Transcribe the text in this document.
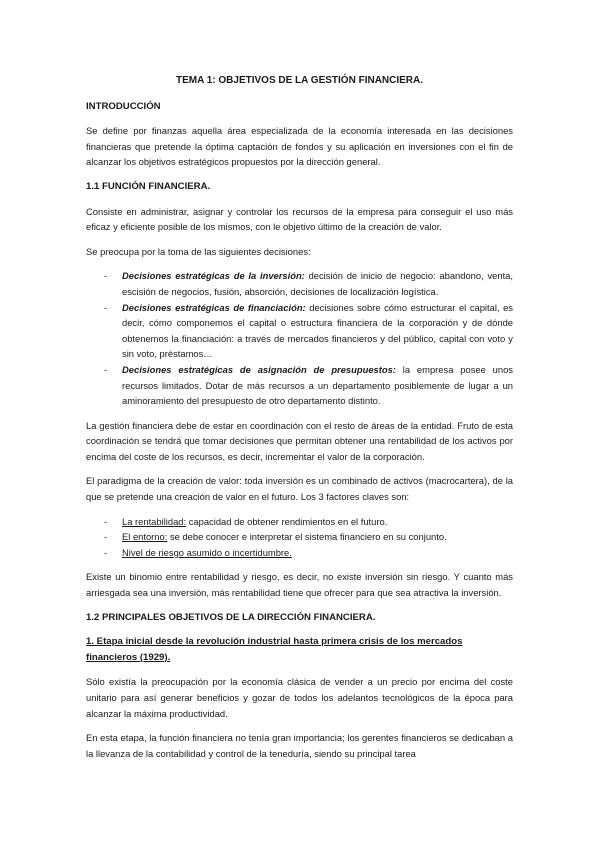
TEMA 1: OBJETIVOS DE LA GESTIÓN FINANCIERA.
INTRODUCCIÓN

Se define por finanzas aquella área especializada de la economía interesada en las decisiones financieras que pretende la óptima captación de fondos y su aplicación en inversiones con el fin de alcanzar los objetivos estratégicos propuestos por la dirección general.

1.1 FUNCIÓN FINANCIERA.

Consiste en administrar, asignar y controlar los recursos de la empresa para conseguir el uso más eficaz y eficiente posible de los mismos, con le objetivo último de la creación de valor.

Se preocupa por la toma de las siguientes decisiones:

- Decisiones estratégicas de la inversión: decisión de inicio de negocio: abandono, venta, escisión de negocios, fusión, absorción, decisiones de localización logística.
- Decisiones estratégicas de financiación: decisiones sobre cómo estructurar el capital, es decir, cómo componemos el capital o estructura financiera de la corporación y de dónde obtenemos la financiación: a través de mercados financieros y del público, capital con voto y sin voto, préstamos…
- Decisiones estratégicas de asignación de presupuestos: la empresa posee unos recursos limitados. Dotar de más recursos a un departamento posiblemente de lugar a un aminoramiento del presupuesto de otro departamento distinto.

La gestión financiera debe de estar en coordinación con el resto de áreas de la entidad. Fruto de esta coordinación se tendrá que tomar decisiones que permitan obtener una rentabilidad de los activos por encima del coste de los recursos, es decir, incrementar el valor de la corporación.

El paradigma de la creación de valor: toda inversión es un combinado de activos (macrocartera), de la que se pretende una creación de valor en el futuro. Los 3 factores claves son:

- La rentabilidad: capacidad de obtener rendimientos en el futuro.
- El entorno: se debe conocer e interpretar el sistema financiero en su conjunto.
- Nivel de riesgo asumido o incertidumbre.

Existe un binomio entre rentabilidad y riesgo, es decir, no existe inversión sin riesgo. Y cuanto más arriesgada sea una inversión, más rentabilidad tiene que ofrecer para que sea atractiva la inversión.

1.2 PRINCIPALES OBJETIVOS DE LA DIRECCIÓN FINANCIERA.
1. Etapa inicial desde la revolución industrial hasta primera crisis de los mercados financieros (1929).

Sólo existía la preocupación por la economía clásica de vender a un precio por encima del coste unitario para así generar beneficios y gozar de todos los adelantos tecnológicos de la época para alcanzar la máxima productividad.

En esta etapa, la función financiera no tenía gran importancia; los gerentes financieros se dedicaban a la llevanza de la contabilidad y control de la teneduría, siendo su principal tarea
